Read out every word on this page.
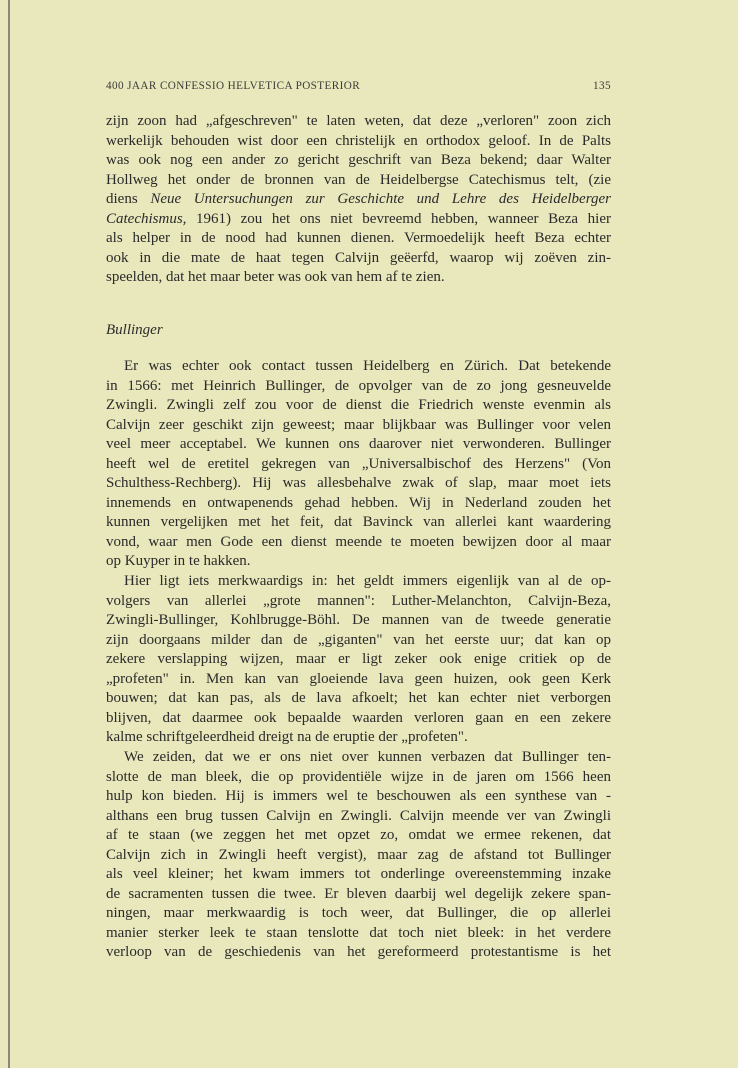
400 JAAR CONFESSIO HELVETICA POSTERIOR	135
zijn zoon had „afgeschreven" te laten weten, dat deze „verloren" zoon zich
werkelijk behouden wist door een christelijk en orthodox geloof. In de Palts
was ook nog een ander zo gericht geschrift van Beza bekend; daar Walter
Hollweg het onder de bronnen van de Heidelbergse Catechismus telt, (zie
diens Neue Untersuchungen zur Geschichte und Lehre des Heidelberger
Catechismus, 1961) zou het ons niet bevreemd hebben, wanneer Beza hier
als helper in de nood had kunnen dienen. Vermoedelijk heeft Beza echter
ook in die mate de haat tegen Calvijn geëerfd, waarop wij zoëven zin-
speelden, dat het maar beter was ook van hem af te zien.
Bullinger
Er was echter ook contact tussen Heidelberg en Zürich. Dat betekende
in 1566: met Heinrich Bullinger, de opvolger van de zo jong gesneuvelde
Zwingli. Zwingli zelf zou voor de dienst die Friedrich wenste evenmin als
Calvijn zeer geschikt zijn geweest; maar blijkbaar was Bullinger voor velen
veel meer acceptabel. We kunnen ons daarover niet verwonderen. Bullinger
heeft wel de eretitel gekregen van „Universalbischof des Herzens" (Von
Schulthess-Rechberg). Hij was allesbehalve zwak of slap, maar moet iets
innemends en ontwapenends gehad hebben. Wij in Nederland zouden het
kunnen vergelijken met het feit, dat Bavinck van allerlei kant waardering
vond, waar men Gode een dienst meende te moeten bewijzen door al maar
op Kuyper in te hakken.
Hier ligt iets merkwaardigs in: het geldt immers eigenlijk van al de op-
volgers van allerlei „grote mannen": Luther-Melanchton, Calvijn-Beza,
Zwingli-Bullinger, Kohlbrugge-Böhl. De mannen van de tweede generatie
zijn doorgaans milder dan de „giganten" van het eerste uur; dat kan op
zekere verslapping wijzen, maar er ligt zeker ook enige critiek op de
„profeten" in. Men kan van gloeiende lava geen huizen, ook geen Kerk
bouwen; dat kan pas, als de lava afkoelt; het kan echter niet verborgen
blijven, dat daarmee ook bepaalde waarden verloren gaan en een zekere
kalme schriftgeleerdheid dreigt na de eruptie der „profeten".
We zeiden, dat we er ons niet over kunnen verbazen dat Bullinger ten-
slotte de man bleek, die op providentiële wijze in de jaren om 1566 heen
hulp kon bieden. Hij is immers wel te beschouwen als een synthese van -
althans een brug tussen Calvijn en Zwingli. Calvijn meende ver van Zwingli
af te staan (we zeggen het met opzet zo, omdat we ermee rekenen, dat
Calvijn zich in Zwingli heeft vergist), maar zag de afstand tot Bullinger
als veel kleiner; het kwam immers tot onderlinge overeenstemming inzake
de sacramenten tussen die twee. Er bleven daarbij wel degelijk zekere span-
ningen, maar merkwaardig is toch weer, dat Bullinger, die op allerlei
manier sterker leek te staan tenslotte dat toch niet bleek: in het verdere
verloop van de geschiedenis van het gereformeerd protestantisme is het
